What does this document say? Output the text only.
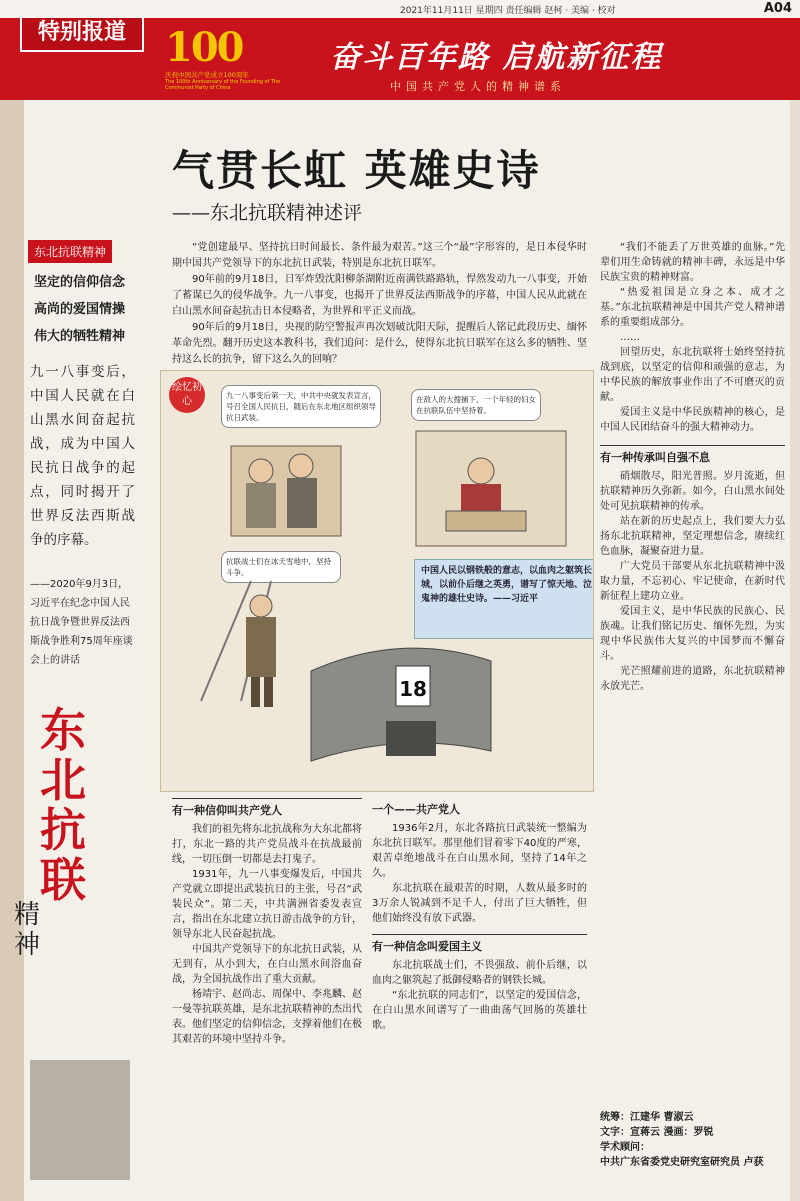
2021年11月11日 星期四 责任编辑 赵柯 · 美编 · 校对	A04
特别报道 100
庆祝中国共产党成立100周年
The 100th Anniversary of the Founding of The Communist Party of China
奋斗百年路 启航新征程
中国共产党人的精神谱系
气贯长虹 英雄史诗
——东北抗联精神述评
东北抗联精神
坚定的信仰信念
高尚的爱国情操
伟大的牺牲精神
九一八事变后，中国人民就在白山黑水间奋起抗战，成为中国人民抗日战争的起点，同时揭开了世界反法西斯战争的序幕。
——2020年9月3日，习近平在纪念中国人民抗日战争暨世界反法西斯战争胜利75周年座谈会上的讲话
东北抗联
精神

“党创建最早、坚持抗日时间最长、条件最为艰苦。”这三个“最”字形容的，是日本侵华时期中国共产党领导下的东北抗日武装，特别是东北抗日联军。

90年前的9月18日，日军炸毁沈阳柳条湖附近南满铁路路轨，悍然发动九一八事变，开始了蓄谋已久的侵华战争。九一八事变，也揭开了世界反法西斯战争的序幕，中国人民从此就在白山黑水间奋起抗击日本侵略者，为世界和平正义而战。

90年后的9月18日，央视的防空警报声再次划破沈阳天际，提醒后人铭记此段历史、缅怀革命先烈。翻开历史这本教科书，我们追问：是什么，使得东北抗日联军在这么多的牺牲、坚持这么长的抗争，留下这么久的回响？

绘忆初心
九一八事变后第一天，中共中央就发表宣言，号召全国人民抗日，随后在东北地区组织领导抗日武装。
在敌人的大搜捕下，一个年轻的妇女在抗联队伍中坚持着。
抗联战士们在冰天雪地中，坚持斗争。	中国人民以钢铁般的意志，以血肉之躯筑长城，以前仆后继之英勇，谱写了惊天地、泣鬼神的雄壮史诗。——习近平
18
有一种信仰叫共产党人

我们的祖先将东北抗战称为大东北都将打，东北一路的共产党员战斗在抗战最前线，一切压倒一切都是去打鬼子。

1931年，九一八事变爆发后，中国共产党就立即提出武装抗日的主张，号召“武装民众”。第二天，中共满洲省委发表宣言，指出在东北建立抗日游击战争的方针，领导东北人民奋起抗战。

中国共产党领导下的东北抗日武装，从无到有，从小到大，在白山黑水间浴血奋战，为全国抗战作出了重大贡献。

杨靖宇、赵尚志、周保中、李兆麟、赵一曼等抗联英雄，是东北抗联精神的杰出代表。他们坚定的信仰信念，支撑着他们在极其艰苦的环境中坚持斗争。

一个——共产党人

1936年2月，东北各路抗日武装统一整编为东北抗日联军。那里他们冒着零下40度的严寒，艰苦卓绝地战斗在白山黑水间，坚持了14年之久。

东北抗联在最艰苦的时期，人数从最多时的3万余人锐减到不足千人，付出了巨大牺牲，但他们始终没有放下武器。

有一种信念叫爱国主义

东北抗联战士们，不畏强敌、前仆后继，以血肉之躯筑起了抵御侵略者的钢铁长城。

“东北抗联的同志们”，以坚定的爱国信念，在白山黑水间谱写了一曲曲荡气回肠的英雄壮歌。

“我们不能丢了万世英雄的血脉。”先辈们用生命铸就的精神丰碑，永远是中华民族宝贵的精神财富。

“热爱祖国是立身之本、成才之基。”东北抗联精神是中国共产党人精神谱系的重要组成部分。

……

回望历史，东北抗联将士始终坚持抗战到底，以坚定的信仰和顽强的意志，为中华民族的解放事业作出了不可磨灭的贡献。

爱国主义是中华民族精神的核心，是中国人民团结奋斗的强大精神动力。

有一种传承叫自强不息

硝烟散尽，阳光普照。岁月流逝，但抗联精神历久弥新。如今，白山黑水间处处可见抗联精神的传承。

站在新的历史起点上，我们要大力弘扬东北抗联精神，坚定理想信念，赓续红色血脉，凝聚奋进力量。

广大党员干部要从东北抗联精神中汲取力量，不忘初心、牢记使命，在新时代新征程上建功立业。

爱国主义，是中华民族的民族心、民族魂。让我们铭记历史、缅怀先烈，为实现中华民族伟大复兴的中国梦而不懈奋斗。

光芒照耀前进的道路，东北抗联精神永放光芒。

统筹：江建华 曹淑云
文字：宣蒋云 漫画：罗锐
学术顾问：
中共广东省委党史研究室研究员 卢获
